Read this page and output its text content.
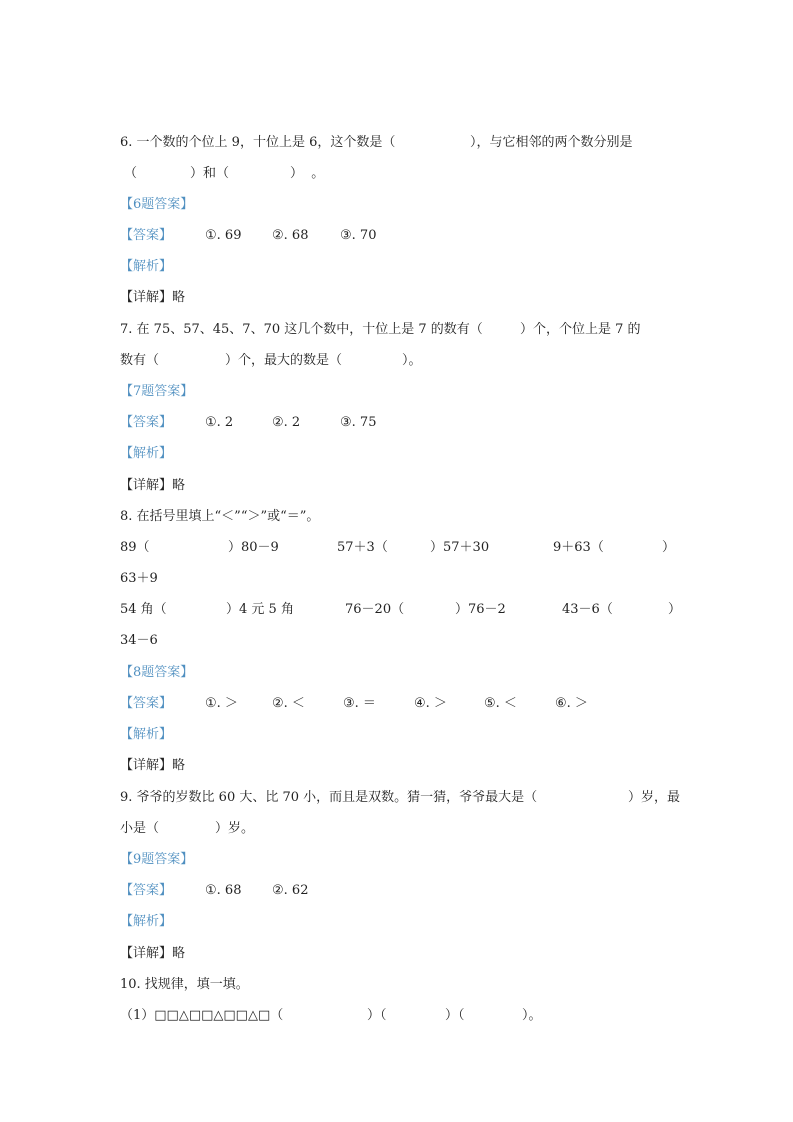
6. 一个数的个位上 9，十位上是 6，这个数是（	），与它相邻的两个数分别是
（	）和（	）  。
【6题答案】
【答案】	①. 69 ②. 68 ③. 70
【解析】
【详解】略
7. 在 75、57、45、7、70 这几个数中，十位上是 7 的数有（	）个，个位上是 7 的
数有（	）个，最大的数是（	）。
【7题答案】
【答案】	①. 2	②. 2	③. 75
【解析】
【详解】略
8. 在括号里填上“＜”“＞”或“＝”。
89（	）80－9	57＋3（	）57＋30	9＋63（	）
63＋9
54 角（	）4 元 5 角	76－20（	）76－2	43－6（	）
34－6
【8题答案】
【答案】	①. ＞	②. ＜	③. ＝	④. ＞	⑤. ＜	⑥. ＞
【解析】
【详解】略
9. 爷爷的岁数比 60 大、比 70 小，而且是双数。猜一猜，爷爷最大是（	）岁，最
小是（	）岁。
【9题答案】
【答案】	①. 68 ②. 62
【解析】
【详解】略
10. 找规律，填一填。
（1）□□△□□△□□△□（	）（	）（	）。
